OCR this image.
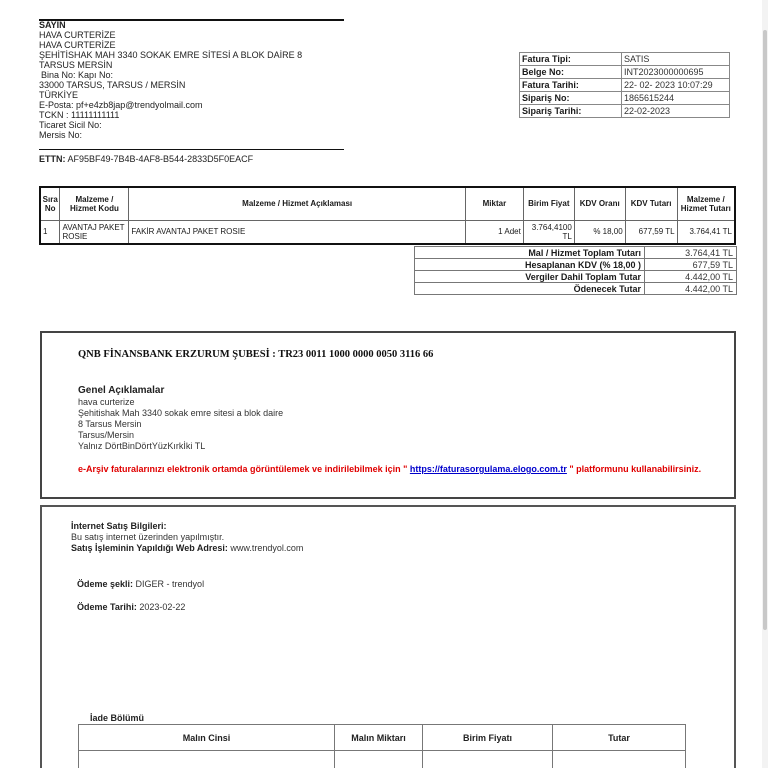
SAYIN
HAVA CURTERİZE
HAVA CURTERİZE
ŞEHİTİSHAK MAH 3340 SOKAK EMRE SİTESİ A BLOK DAİRE 8
TARSUS MERSİN
Bina No: Kapı No:
33000 TARSUS, TARSUS / MERSİN
TÜRKİYE
E-Posta: pf+e4zb8jap@trendyolmail.com
TCKN : 11111111111
Ticaret Sicil No:
Mersis No:
ETTN: AF95BF49-7B4B-4AF8-B544-2833D5F0EACF
Fatura Tipi:	SATIS
Belge No:	INT2023000000695
Fatura Tarihi:	22- 02- 2023 10:07:29
Sipariş No:	1865615244
Sipariş Tarihi:	22-02-2023
Sıra No	Malzeme / Hizmet Kodu	Malzeme / Hizmet Açıklaması	Miktar	Birim Fiyat	KDV Oranı	KDV Tutarı	Malzeme / Hizmet Tutarı
1	AVANTAJ PAKET ROSIE	FAKİR AVANTAJ PAKET ROSIE	1 Adet	3.764,4100 TL	% 18,00	677,59 TL	3.764,41 TL
Mal / Hizmet Toplam Tutarı	3.764,41 TL
Hesaplanan KDV (% 18,00 )	677,59 TL
Vergiler Dahil Toplam Tutar	4.442,00 TL
Ödenecek Tutar	4.442,00 TL
QNB FİNANSBANK ERZURUM ŞUBESİ : TR23 0011 1000 0000 0050 3116 66
Genel Açıklamalar
hava curterize
Şehitishak Mah 3340 sokak emre sitesi a blok daire
8 Tarsus Mersin
Tarsus/Mersin
Yalnız DörtBinDörtYüzKırkİki TL
e-Arşiv faturalarınızı elektronik ortamda görüntülemek ve indirilebilmek için " https://faturasorgulama.elogo.com.tr " platformunu kullanabilirsiniz.
İnternet Satış Bilgileri:
Bu satış internet üzerinden yapılmıştır.
Satış İşleminin Yapıldığı Web Adresi: www.trendyol.com
Ödeme şekli: DIGER - trendyol
Ödeme Tarihi: 2023-02-22
İade Bölümü
Malın Cinsi	Malın Miktarı	Birim Fiyatı	Tutar
